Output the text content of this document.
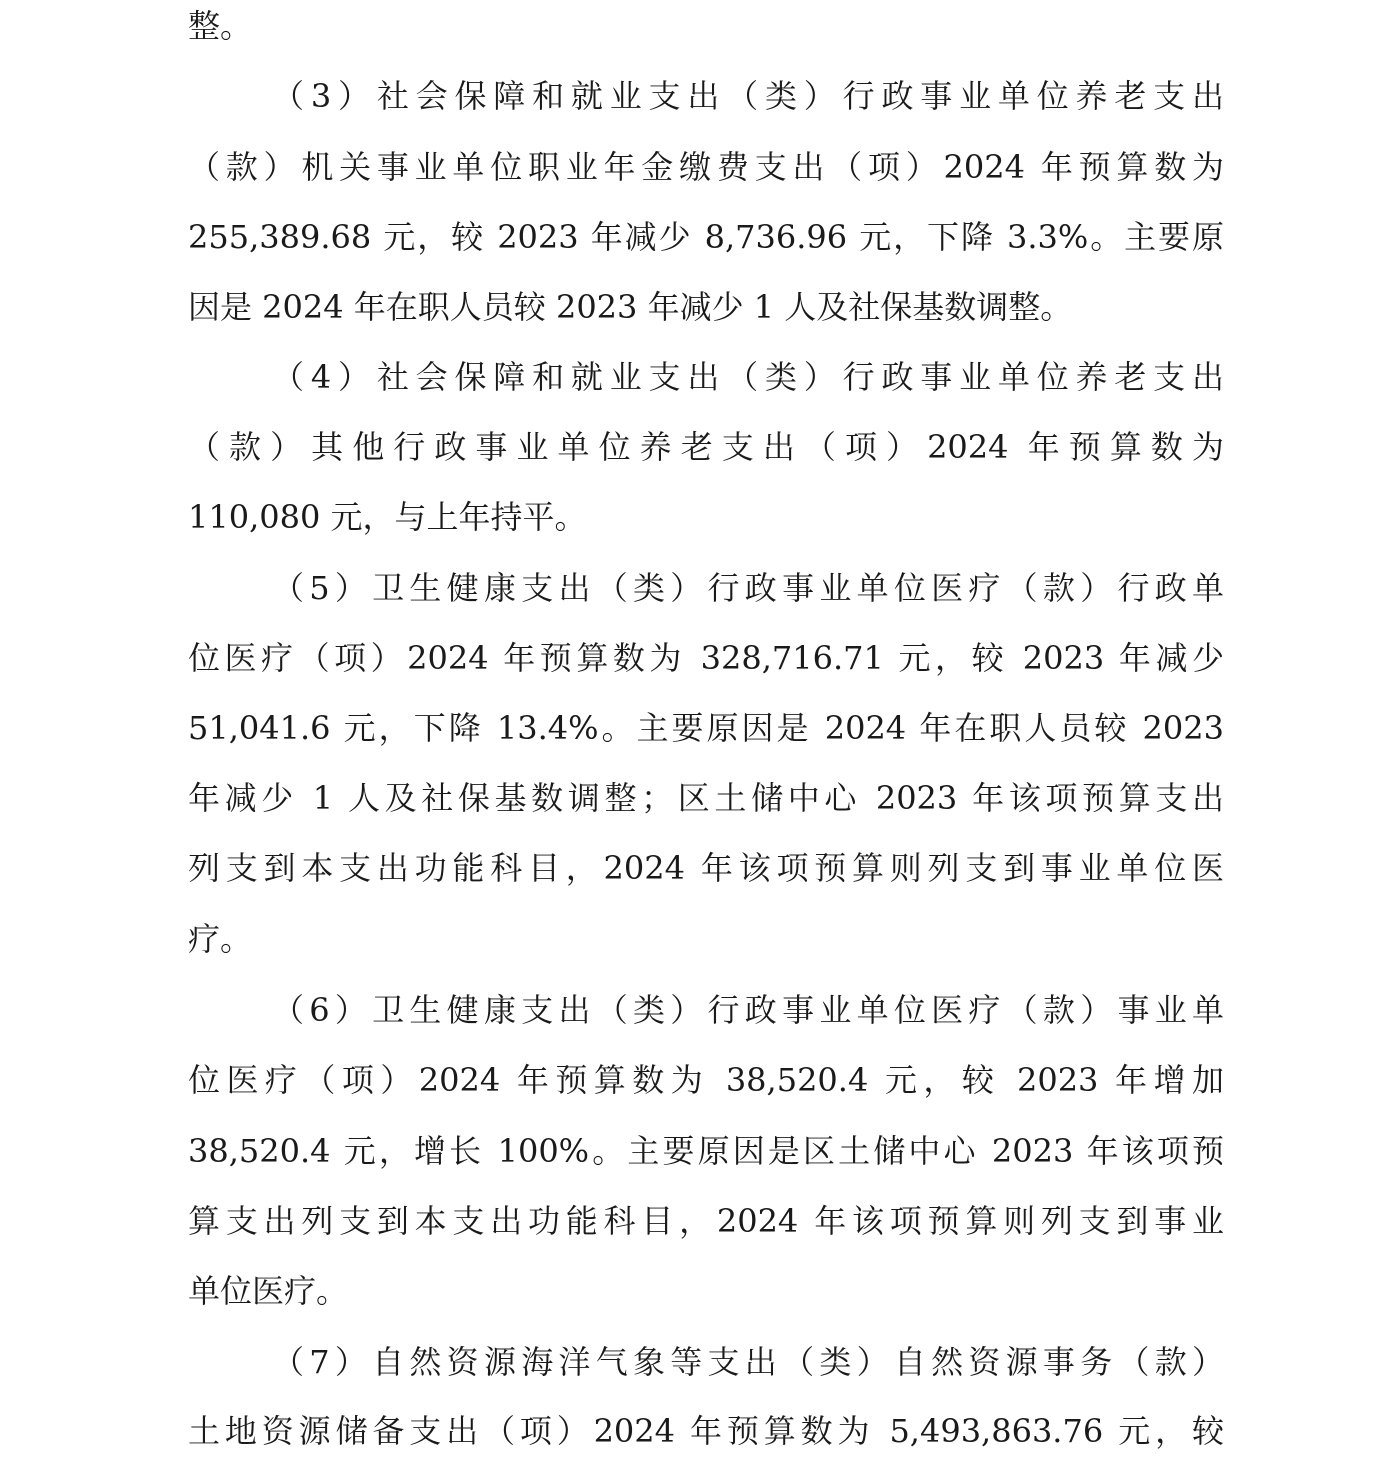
整。
（3）社会保障和就业支出（类）行政事业单位养老支出
（款）机关事业单位职业年金缴费支出（项）2024 年预算数为
255,389.68 元，较 2023 年减少 8,736.96 元，下降 3.3%。主要原
因是 2024 年在职人员较 2023 年减少 1 人及社保基数调整。
（4）社会保障和就业支出（类）行政事业单位养老支出
（款）其他行政事业单位养老支出（项）2024 年预算数为
110,080 元，与上年持平。
（5）卫生健康支出（类）行政事业单位医疗（款）行政单
位医疗（项）2024 年预算数为 328,716.71 元，较 2023 年减少
51,041.6 元，下降 13.4%。主要原因是 2024 年在职人员较 2023
年减少 1 人及社保基数调整；区土储中心 2023 年该项预算支出
列支到本支出功能科目，2024 年该项预算则列支到事业单位医
疗。
（6）卫生健康支出（类）行政事业单位医疗（款）事业单
位医疗（项）2024 年预算数为 38,520.4 元，较 2023 年增加
38,520.4 元，增长 100%。主要原因是区土储中心 2023 年该项预
算支出列支到本支出功能科目，2024 年该项预算则列支到事业
单位医疗。
（7）自然资源海洋气象等支出（类）自然资源事务（款）
土地资源储备支出（项）2024 年预算数为 5,493,863.76 元，较
